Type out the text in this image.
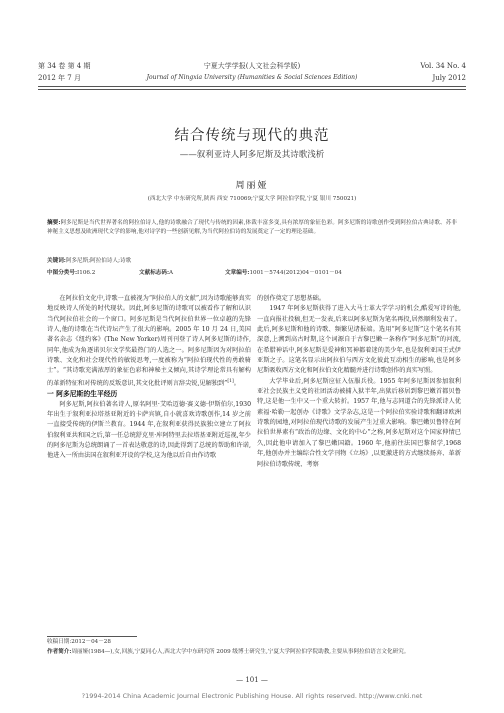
第 34 卷 第 4 期
2012 年 7 月
宁夏大学学报(人文社会科学版)
Journal of Ningxia University (Humanities & Social Sciences Edition)
Vol. 34 No. 4
July 2012
结合传统与现代的典范
——叙利亚诗人阿多尼斯及其诗歌浅析
周丽娅
(西北大学 中东研究所,陕西 西安 710069;宁夏大学 阿拉伯学院,宁夏 银川 750021)
摘要:阿多尼斯是当代世界著名的阿拉伯诗人,他的诗歌融合了现代与传统的因素,体裁丰富多变,具有浓厚的象征色彩。阿多尼斯的诗歌创作受到阿拉伯古典诗歌、苏非神秘主义思想及欧洲现代文学的影响,他对诗学的一些创新见解,为当代阿拉伯诗的发展奠定了一定的理论基础。
关键词:阿多尼斯;阿拉伯诗人;诗歌
中图分类号:I106.2	文献标志码:A	文章编号:1001－5744(2012)04－0101－04

在阿拉伯文化中,诗歌一直被视为“阿拉伯人的文献”,因为诗歌能够真实地反映诗人所处的时代现状。因此,阿多尼斯的诗歌可以被看作了解和认识当代阿拉伯社会的一个窗口。阿多尼斯是当代阿拉伯世界一位卓越的先锋诗人,他的诗歌在当代诗坛产生了很大的影响。2005 年 10 月 24 日,美国著名杂志《纽约客》(The New Yorker)周刊刊登了诗人阿多尼斯的诗作,同年,他成为角逐诺贝尔文学奖最热门的人选之一。阿多尼斯因为对阿拉伯诗歌、文化和社会现代性的敏锐思考,一度被称为“阿拉伯现代性的勇敢骑士”。“其诗歌充满浓厚的象征色彩和神秘主义倾向,其诗学理论常具有解构的革新特征和对传统的反叛意识,其文化批评则言辞尖锐,见解独到”[1]。

一 阿多尼斯的生平经历

阿多尼斯,阿拉伯著名诗人,原名阿里·艾哈迈德·赛义德·伊斯伯尔,1930 年出生于叙利亚拉塔基亚附近的卡萨宾镇,自小就喜欢诗歌创作,14 岁之前一直接受传统的伊斯兰教育。1944 年,在叙利亚获得民族独立建立了阿拉伯叙利亚共和国之后,第一任总统舒克里·库阿特里去拉塔基亚附近巡视,年少的阿多尼斯为总统朗诵了一首表达敬意的诗,因此得到了总统的帮助和许诺,他进入一所由法国在叙利亚开设的学校,这为他以后自由作诗歌

的创作奠定了思想基础。

1947 年阿多尼斯获得了进入大马士革大学学习的机会,酷爱写诗的他,一直向报社投稿,但无一发表,后来以阿多尼斯为笔名再投,居然顺利发表了。此后,阿多尼斯和他的诗歌、频繁见诸报端。选用“阿多尼斯”这个笔名有其深意,上溯到高古时期,这个词源自于古黎巴嫩一条称作“阿多尼斯”的河流,在希腊神话中,阿多尼斯是爱神和冥神都着迷的美少年,也是叙利亚国王式伊亚斯之子。这笔名显示出阿拉伯与西方文化彼此互动相生的影响,也是阿多尼斯吸收西方文化和阿拉伯文化精髓并进行诗歌创作的真实写照。

大学毕业后,阿多尼斯应征入伍服兵役。1955 年阿多尼斯因参加叙利亚社会民族主义党的社团活动被捕入狱半年,出狱后移居到黎巴嫩首都贝鲁特,这是他一生中又一个重大转折。1957 年,他与志同道合的先锋派诗人优素福·哈勒一起创办《诗歌》文学杂志,这是一个阿拉伯实验诗歌和翻译欧洲诗歌的园地,对阿拉伯现代诗歌的发展产生过重大影响。黎巴嫩贝鲁特在阿拉伯世界素有“政治的边缘、文化的中心”之称,阿多尼斯对这个国家伸情已久,因此他申请加入了黎巴嫩国籍。1960 年,他前往法国巴黎留学,1968 年,他创办并主编综合性文学刊物《立场》,以更激进的方式继续扬弃、革新阿拉伯诗歌传统、考察

收稿日期:2012－04－28
作者简介:周丽娅(1984—),女,回族,宁夏同心人,西北大学中东研究所 2009 级博士研究生,宁夏大学阿拉伯学院助教,主要从事阿拉伯语言文化研究。
— 101 —
?1994-2014 China Academic Journal Electronic Publishing House. All rights reserved. http://www.cnki.net
